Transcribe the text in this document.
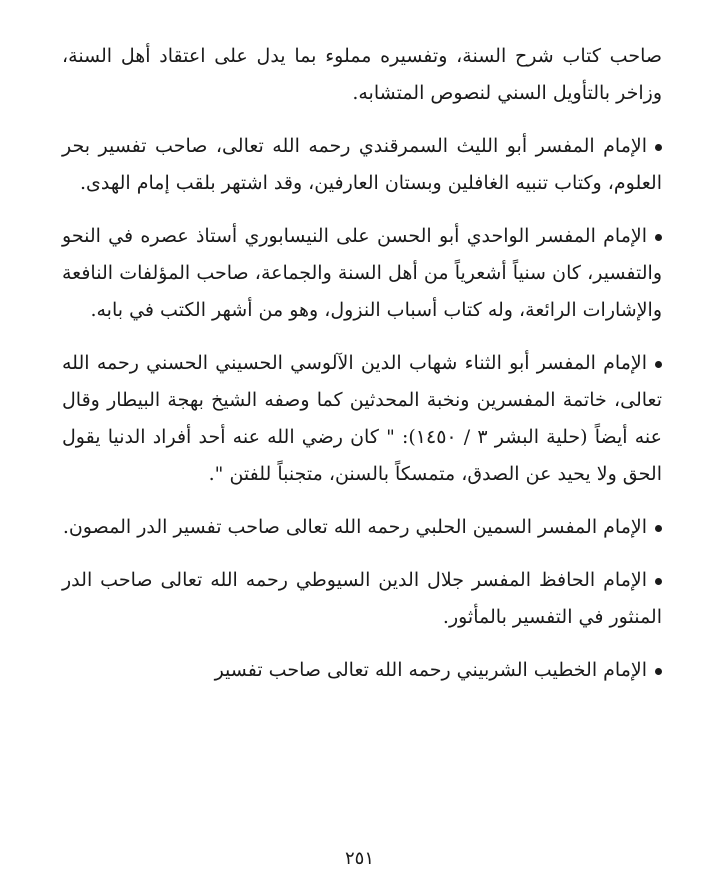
صاحب كتاب شرح السنة، وتفسيره مملوء بما يدل على اعتقاد أهل السنة، وزاخر بالتأويل السني لنصوص المتشابه.

الإمام المفسر أبو الليث السمرقندي رحمه الله تعالى، صاحب تفسير بحر العلوم، وكتاب تنبيه الغافلين وبستان العارفين، وقد اشتهر بلقب إمام الهدى.

الإمام المفسر الواحدي أبو الحسن على النيسابوري أستاذ عصره في النحو والتفسير، كان سنياً أشعرياً من أهل السنة والجماعة، صاحب المؤلفات النافعة والإشارات الرائعة، وله كتاب أسباب النزول، وهو من أشهر الكتب في بابه.

الإمام المفسر أبو الثناء شهاب الدين الآلوسي الحسيني الحسني رحمه الله تعالى، خاتمة المفسرين ونخبة المحدثين كما وصفه الشيخ بهجة البيطار وقال عنه أيضاً (حلية البشر ٣ / ١٤٥٠): " كان رضي الله عنه أحد أفراد الدنيا يقول الحق ولا يحيد عن الصدق، متمسكاً بالسنن، متجنباً للفتن ".

الإمام المفسر السمين الحلبي رحمه الله تعالى صاحب تفسير الدر المصون.

الإمام الحافظ المفسر جلال الدين السيوطي رحمه الله تعالى صاحب الدر المنثور في التفسير بالمأثور.

الإمام الخطيب الشربيني رحمه الله تعالى صاحب تفسير

٢٥١
